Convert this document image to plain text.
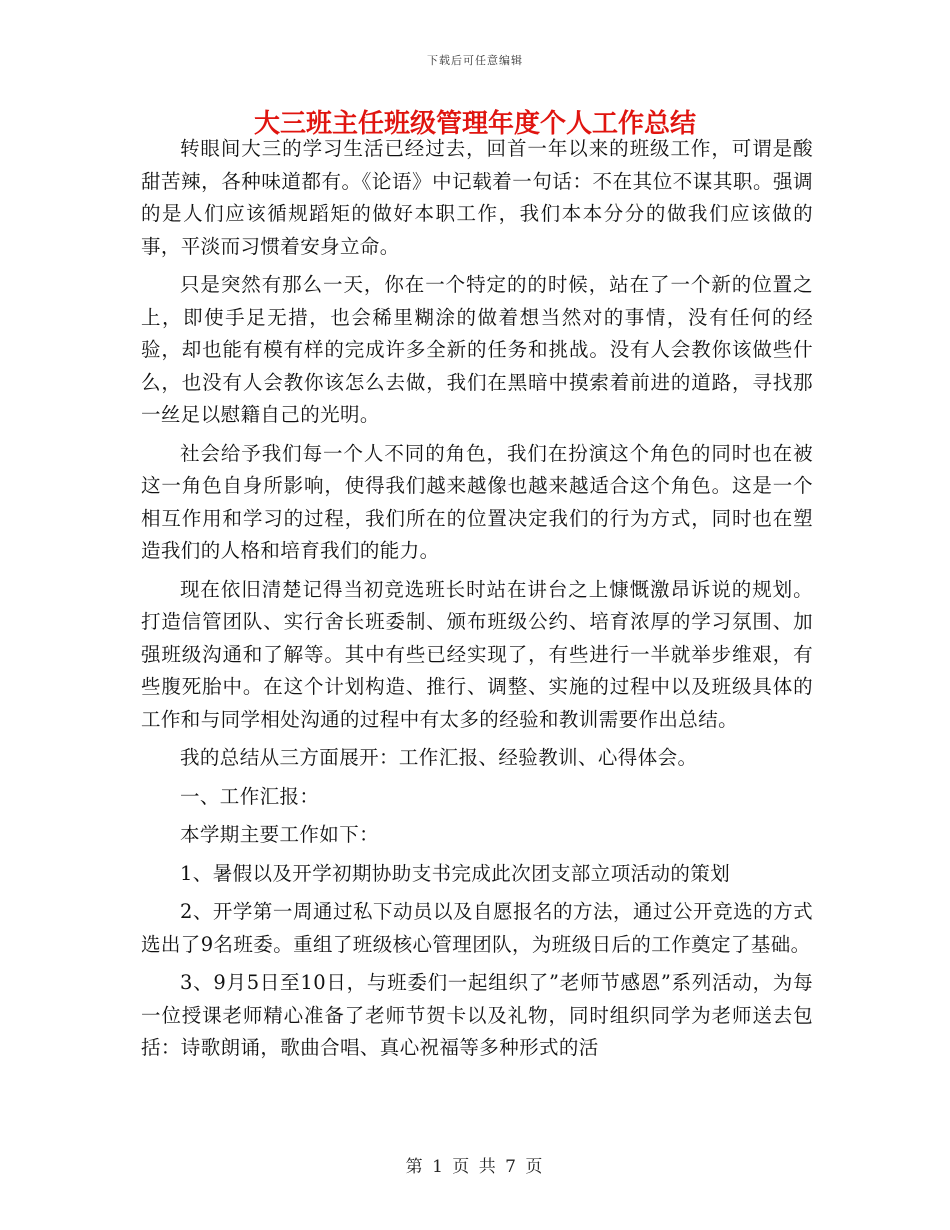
下载后可任意编辑
大三班主任班级管理年度个人工作总结

转眼间大三的学习生活已经过去，回首一年以来的班级工作，可谓是酸甜苦辣，各种味道都有。《论语》中记载着一句话：不在其位不谋其职。强调的是人们应该循规蹈矩的做好本职工作，我们本本分分的做我们应该做的事，平淡而习惯着安身立命。

只是突然有那么一天，你在一个特定的的时候，站在了一个新的位置之上，即使手足无措，也会稀里糊涂的做着想当然对的事情，没有任何的经验，却也能有模有样的完成许多全新的任务和挑战。没有人会教你该做些什么，也没有人会教你该怎么去做，我们在黑暗中摸索着前进的道路，寻找那一丝足以慰籍自己的光明。

社会给予我们每一个人不同的角色，我们在扮演这个角色的同时也在被这一角色自身所影响，使得我们越来越像也越来越适合这个角色。这是一个相互作用和学习的过程，我们所在的位置决定我们的行为方式，同时也在塑造我们的人格和培育我们的能力。

现在依旧清楚记得当初竞选班长时站在讲台之上慷慨激昂诉说的规划。打造信管团队、实行舍长班委制、颁布班级公约、培育浓厚的学习氛围、加强班级沟通和了解等。其中有些已经实现了，有些进行一半就举步维艰，有些腹死胎中。在这个计划构造、推行、调整、实施的过程中以及班级具体的工作和与同学相处沟通的过程中有太多的经验和教训需要作出总结。

我的总结从三方面展开：工作汇报、经验教训、心得体会。

一、工作汇报：

本学期主要工作如下：

1、暑假以及开学初期协助支书完成此次团支部立项活动的策划

2、开学第一周通过私下动员以及自愿报名的方法，通过公开竞选的方式选出了9名班委。重组了班级核心管理团队，为班级日后的工作奠定了基础。

3、9月5日至10日，与班委们一起组织了”老师节感恩”系列活动，为每一位授课老师精心准备了老师节贺卡以及礼物，同时组织同学为老师送去包括：诗歌朗诵，歌曲合唱、真心祝福等多种形式的活

第 1 页 共 7 页
